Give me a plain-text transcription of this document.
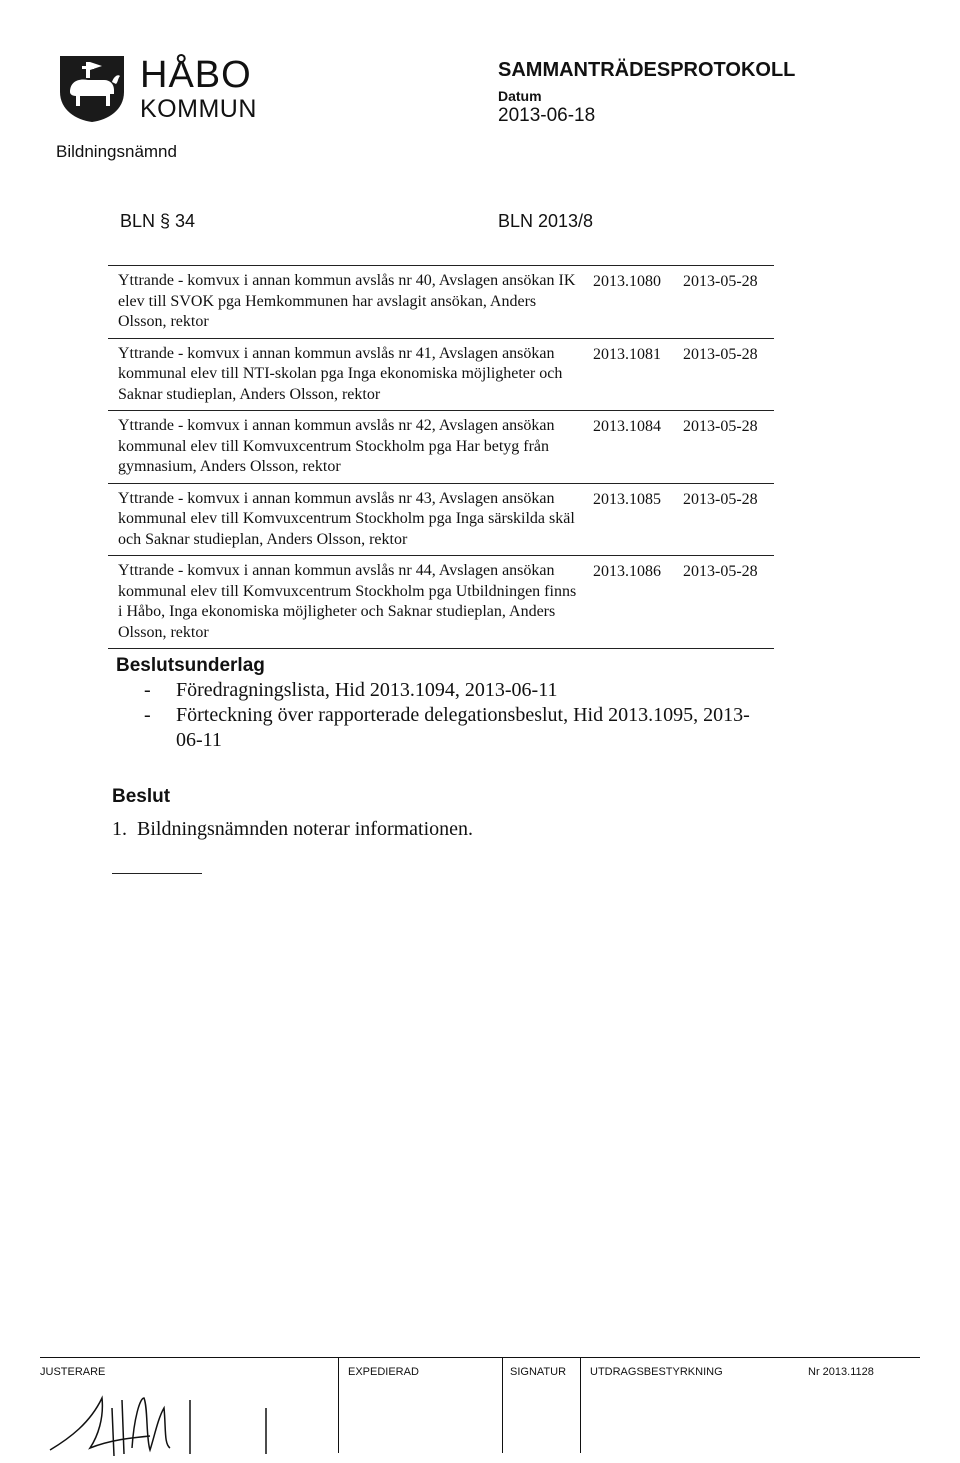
HÅBO
KOMMUN
Bildningsnämnd
SAMMANTRÄDESPROTOKOLL
Datum
2013-06-18
BLN § 34	BLN 2013/8
Yttrande - komvux i annan kommun avslås nr 40, Avslagen ansökan IK elev till SVOK pga Hemkommunen har avslagit ansökan, Anders Olsson, rektor
2013.1080 2013-05-28
Yttrande - komvux i annan kommun avslås nr 41, Avslagen ansökan kommunal elev till NTI-skolan pga Inga ekonomiska möjligheter och Saknar studieplan, Anders Olsson, rektor
2013.1081 2013-05-28
Yttrande - komvux i annan kommun avslås nr 42, Avslagen ansökan kommunal elev till Komvuxcentrum Stockholm pga Har betyg från gymnasium, Anders Olsson, rektor
2013.1084 2013-05-28
Yttrande - komvux i annan kommun avslås nr 43, Avslagen ansökan kommunal elev till Komvuxcentrum Stockholm pga Inga särskilda skäl och Saknar studieplan, Anders Olsson, rektor
2013.1085 2013-05-28
Yttrande - komvux i annan kommun avslås nr 44, Avslagen ansökan kommunal elev till Komvuxcentrum Stockholm pga Utbildningen finns i Håbo, Inga ekonomiska möjligheter och Saknar studieplan, Anders Olsson, rektor
2013.1086 2013-05-28
Beslutsunderlag
- Föredragningslista, Hid 2013.1094, 2013-06-11
- Förteckning över rapporterade delegationsbeslut, Hid 2013.1095, 2013-06-11
Beslut
1. Bildningsnämnden noterar informationen.
JUSTERARE	EXPEDIERAD	SIGNATUR UTDRAGSBESTYRKNING	Nr 2013.1128
